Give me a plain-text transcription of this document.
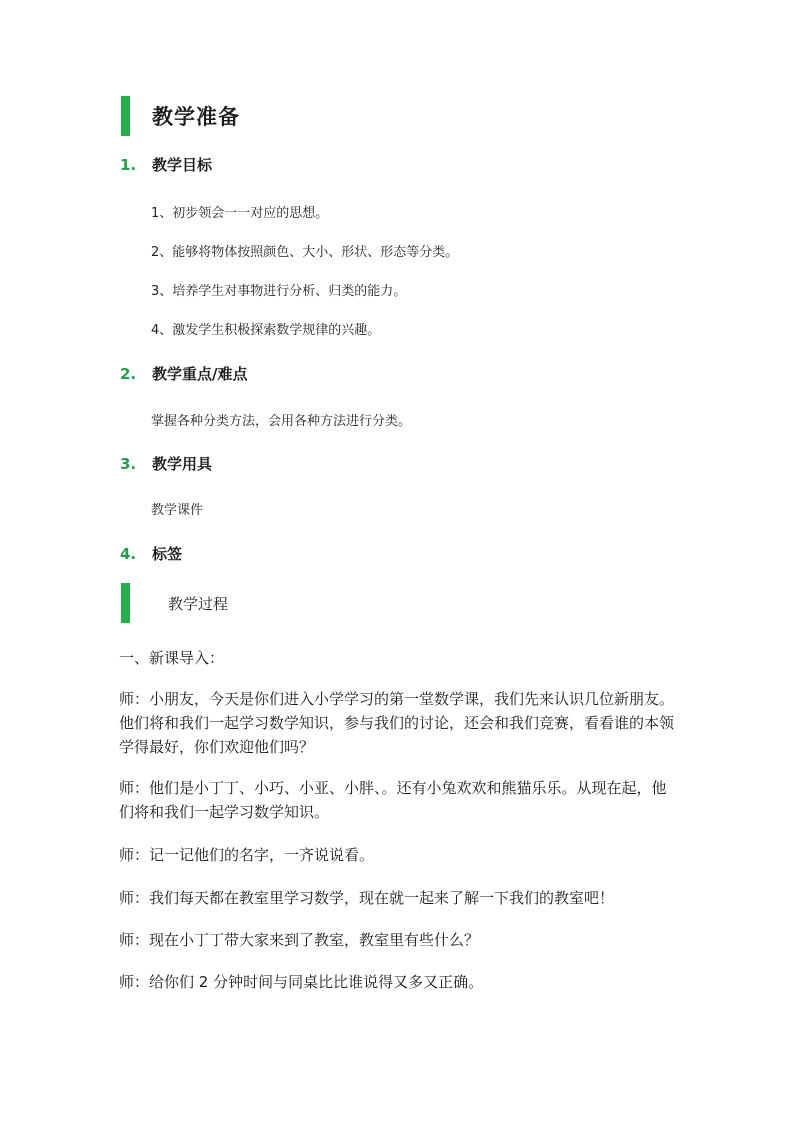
教学准备
1.	教学目标
1、初步领会一一对应的思想。
2、能够将物体按照颜色、大小、形状、形态等分类。
3、培养学生对事物进行分析、归类的能力。
4、激发学生积极探索数学规律的兴趣。
2.	教学重点/难点
掌握各种分类方法，会用各种方法进行分类。
3.	教学用具
教学课件
4.	标签
教学过程
一、新课导入：
师：小朋友，今天是你们进入小学学习的第一堂数学课，我们先来认识几位新朋友。他们将和我们一起学习数学知识，参与我们的讨论，还会和我们竞赛，看看谁的本领学得最好，你们欢迎他们吗？
师：他们是小丁丁、小巧、小亚、小胖、。还有小兔欢欢和熊猫乐乐。从现在起，他们将和我们一起学习数学知识。
师：记一记他们的名字，一齐说说看。
师：我们每天都在教室里学习数学，现在就一起来了解一下我们的教室吧！
师：现在小丁丁带大家来到了教室，教室里有些什么？
师：给你们 2 分钟时间与同桌比比谁说得又多又正确。
